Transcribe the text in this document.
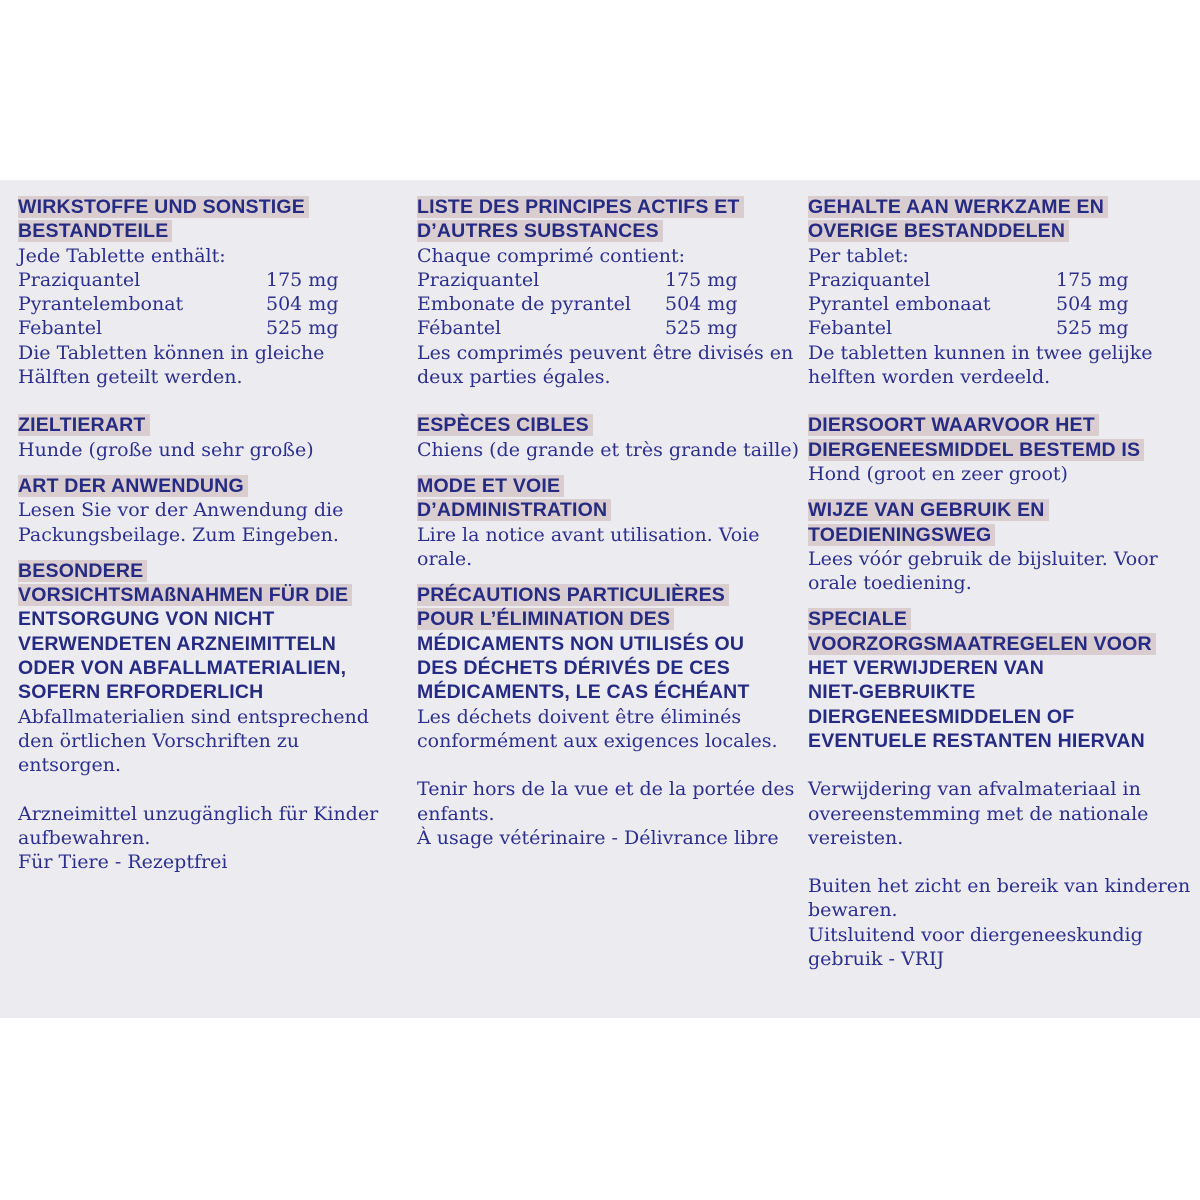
WIRKSTOFFE UND SONSTIGE
BESTANDTEILE
Jede Tablette enthält:
Praziquantel	175 mg
Pyrantelembonat	504 mg
Febantel	525 mg
Die Tabletten können in gleiche
Hälften geteilt werden.
ZIELTIERART
Hunde (große und sehr große)
ART DER ANWENDUNG
Lesen Sie vor der Anwendung die
Packungsbeilage. Zum Eingeben.
BESONDERE
VORSICHTSMAßNAHMEN FÜR DIE
ENTSORGUNG VON NICHT
VERWENDETEN ARZNEIMITTELN
ODER VON ABFALLMATERIALIEN,
SOFERN ERFORDERLICH
Abfallmaterialien sind entsprechend
den örtlichen Vorschriften zu
entsorgen.
Arzneimittel unzugänglich für Kinder
aufbewahren.
Für Tiere - Rezeptfrei
LISTE DES PRINCIPES ACTIFS ET
D’AUTRES SUBSTANCES
Chaque comprimé contient:
Praziquantel	175 mg
Embonate de pyrantel	504 mg
Fébantel	525 mg
Les comprimés peuvent être divisés en
deux parties égales.
ESPÈCES CIBLES
Chiens (de grande et très grande taille)
MODE ET VOIE
D’ADMINISTRATION
Lire la notice avant utilisation. Voie
orale.
PRÉCAUTIONS PARTICULIÈRES
POUR L’ÉLIMINATION DES
MÉDICAMENTS NON UTILISÉS OU
DES DÉCHETS DÉRIVÉS DE CES
MÉDICAMENTS, LE CAS ÉCHÉANT
Les déchets doivent être éliminés
conformément aux exigences locales.
Tenir hors de la vue et de la portée des
enfants.
À usage vétérinaire - Délivrance libre
GEHALTE AAN WERKZAME EN
OVERIGE BESTANDDELEN
Per tablet:
Praziquantel	175 mg
Pyrantel embonaat	504 mg
Febantel	525 mg
De tabletten kunnen in twee gelijke
helften worden verdeeld.
DIERSOORT WAARVOOR HET
DIERGENEESMIDDEL BESTEMD IS
Hond (groot en zeer groot)
WIJZE VAN GEBRUIK EN
TOEDIENINGSWEG
Lees vóór gebruik de bijsluiter. Voor
orale toediening.
SPECIALE
VOORZORGSMAATREGELEN VOOR
HET VERWIJDEREN VAN
NIET-GEBRUIKTE
DIERGENEESMIDDELEN OF
EVENTUELE RESTANTEN HIERVAN
Verwijdering van afvalmateriaal in
overeenstemming met de nationale
vereisten.
Buiten het zicht en bereik van kinderen
bewaren.
Uitsluitend voor diergeneeskundig
gebruik - VRIJ
